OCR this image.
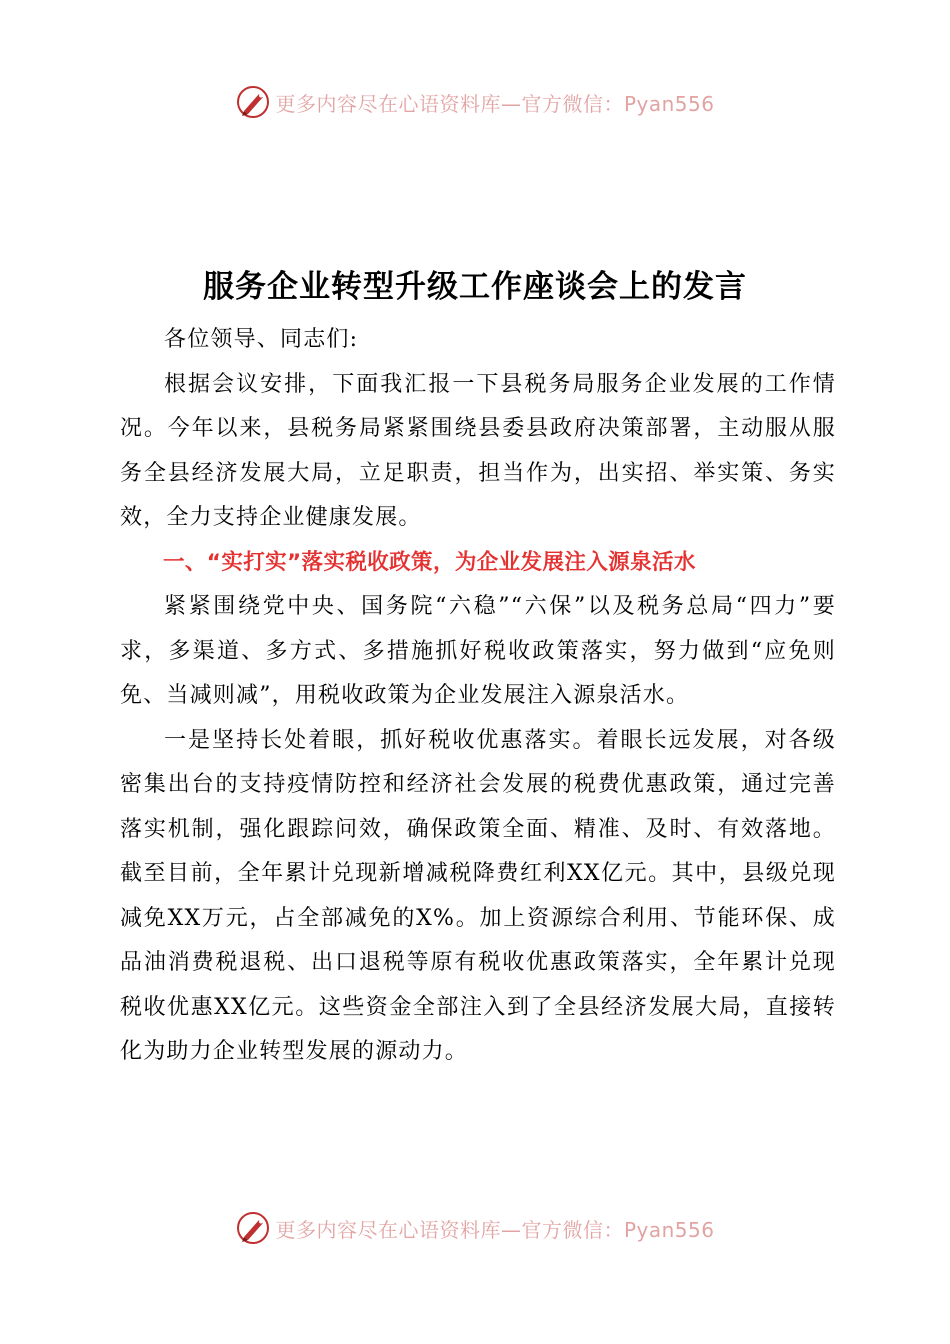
更多内容尽在心语资料库—官方微信：Pyan556
服务企业转型升级工作座谈会上的发言

各位领导、同志们:

根据会议安排，下面我汇报一下县税务局服务企业发展的工作情况。今年以来，县税务局紧紧围绕县委县政府决策部署，主动服从服务全县经济发展大局，立足职责，担当作为，出实招、举实策、务实效，全力支持企业健康发展。

一、“实打实”落实税收政策，为企业发展注入源泉活水

紧紧围绕党中央、国务院“六稳”“六保”以及税务总局“四力”要求，多渠道、多方式、多措施抓好税收政策落实，努力做到“应免则免、当减则减”，用税收政策为企业发展注入源泉活水。

一是坚持长处着眼，抓好税收优惠落实。着眼长远发展，对各级密集出台的支持疫情防控和经济社会发展的税费优惠政策，通过完善落实机制，强化跟踪问效，确保政策全面、精准、及时、有效落地。截至目前，全年累计兑现新增减税降费红利XX亿元。其中，县级兑现减免XX万元，占全部减免的X%。加上资源综合利用、节能环保、成品油消费税退税、出口退税等原有税收优惠政策落实，全年累计兑现税收优惠XX亿元。这些资金全部注入到了全县经济发展大局，直接转化为助力企业转型发展的源动力。

更多内容尽在心语资料库—官方微信：Pyan556
